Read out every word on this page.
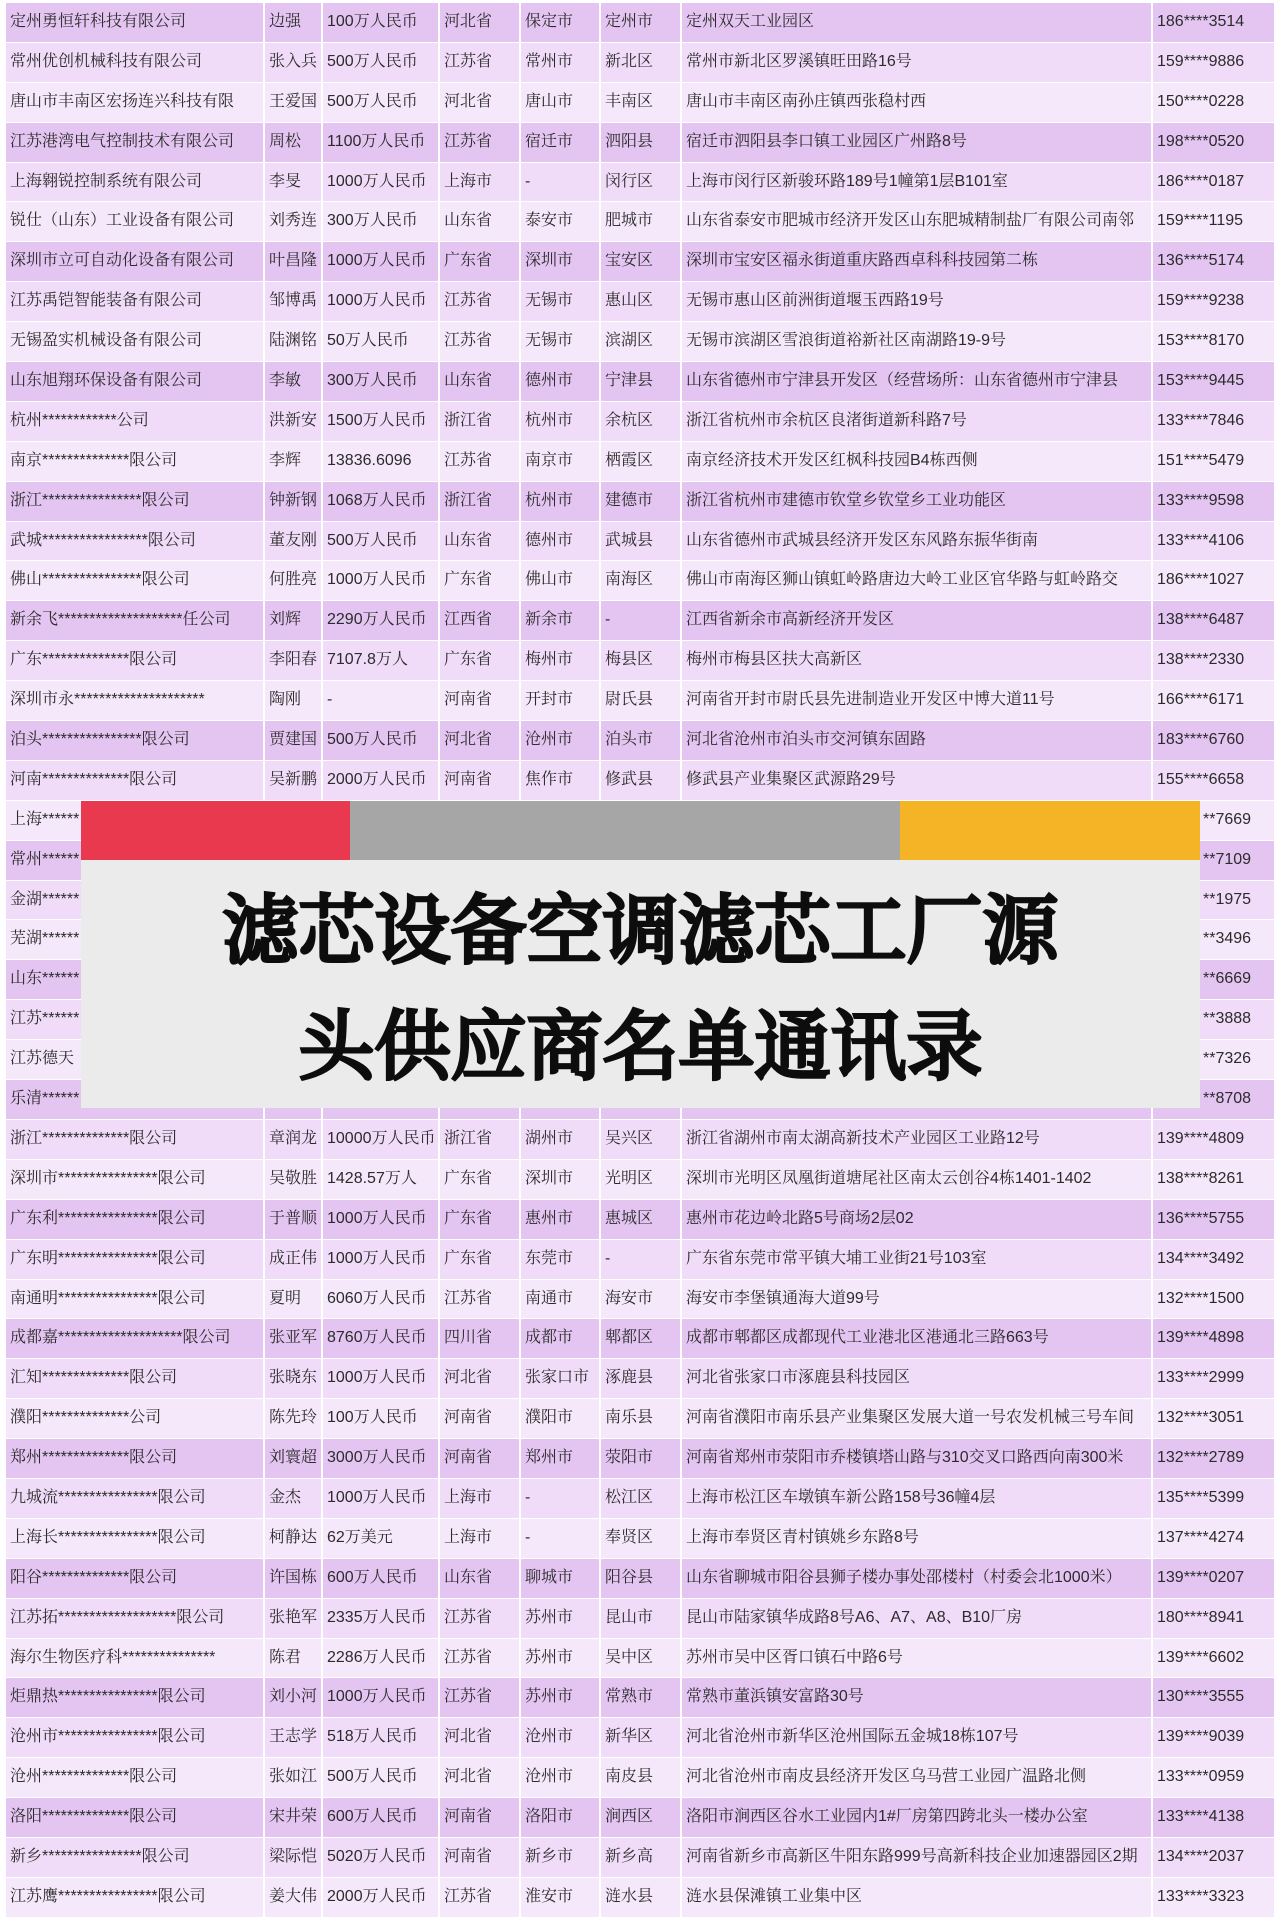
定州勇恒轩科技有限公司	边强	100万人民币	河北省	保定市	定州市	定州双天工业园区	186****3514
常州优创机械科技有限公司	张入兵 500万人民币	江苏省	常州市	新北区	常州市新北区罗溪镇旺田路16号	159****9886
唐山市丰南区宏扬连兴科技有限	王爱国 500万人民币	河北省	唐山市	丰南区	唐山市丰南区南孙庄镇西张稳村西	150****0228
江苏港湾电气控制技术有限公司	周松	1100万人民币	江苏省	宿迁市	泗阳县	宿迁市泗阳县李口镇工业园区广州路8号	198****0520
上海翱锐控制系统有限公司	李旻	1000万人民币	上海市	-	闵行区	上海市闵行区新骏环路189号1幢第1层B101室	186****0187
锐仕（山东）工业设备有限公司	刘秀连 300万人民币	山东省	泰安市	肥城市	山东省泰安市肥城市经济开发区山东肥城精制盐厂有限公司南邻	159****1195
深圳市立可自动化设备有限公司	叶昌隆 1000万人民币	广东省	深圳市	宝安区	深圳市宝安区福永街道重庆路西卓科科技园第二栋	136****5174
江苏禹铠智能装备有限公司	邹博禹 1000万人民币	江苏省	无锡市	惠山区	无锡市惠山区前洲街道堰玉西路19号	159****9238
无锡盈实机械设备有限公司	陆渊铭 50万人民币	江苏省	无锡市	滨湖区	无锡市滨湖区雪浪街道裕新社区南湖路19-9号	153****8170
山东旭翔环保设备有限公司	李敏	300万人民币	山东省	德州市	宁津县	山东省德州市宁津县开发区（经营场所：山东省德州市宁津县	153****9445
杭州************公司	洪新安 1500万人民币	浙江省	杭州市	余杭区	浙江省杭州市余杭区良渚街道新科路7号	133****7846
南京**************限公司	李辉	13836.6096	江苏省	南京市	栖霞区	南京经济技术开发区红枫科技园B4栋西侧	151****5479
浙江****************限公司	钟新钢 1068万人民币	浙江省	杭州市	建德市	浙江省杭州市建德市钦堂乡钦堂乡工业功能区	133****9598
武城*****************限公司	董友刚 500万人民币	山东省	德州市	武城县	山东省德州市武城县经济开发区东风路东振华街南	133****4106
佛山****************限公司	何胜亮 1000万人民币	广东省	佛山市	南海区	佛山市南海区狮山镇虹岭路唐边大岭工业区官华路与虹岭路交	186****1027
新余飞********************任公司	刘辉	2290万人民币	江西省	新余市	-	江西省新余市高新经济开发区	138****6487
广东**************限公司	李阳春 7107.8万人	广东省	梅州市	梅县区	梅州市梅县区扶大高新区	138****2330
深圳市永*********************	陶刚	-	河南省	开封市	尉氏县	河南省开封市尉氏县先进制造业开发区中博大道11号	166****6171
泊头****************限公司	贾建国 500万人民币	河北省	沧州市	泊头市	河北省沧州市泊头市交河镇东固路	183****6760
河南**************限公司	吴新鹏 2000万人民币	河南省	焦作市	修武县	修武县产业集聚区武源路29号	155****6658
上海******	**7669
常州******	**7109
金湖******	**1975
芜湖******	**3496
山东******	**6669
江苏******	**3888
江苏德天	**7326
乐清******	**8708
浙江**************限公司	章润龙 10000万人民币 浙江省	湖州市	吴兴区	浙江省湖州市南太湖高新技术产业园区工业路12号	139****4809
深圳市****************限公司	吴敬胜 1428.57万人	广东省	深圳市	光明区	深圳市光明区凤凰街道塘尾社区南太云创谷4栋1401-1402	138****8261
广东利****************限公司	于普顺 1000万人民币	广东省	惠州市	惠城区	惠州市花边岭北路5号商场2层02	136****5755
广东明****************限公司	成正伟 1000万人民币	广东省	东莞市	-	广东省东莞市常平镇大埔工业街21号103室	134****3492
南通明****************限公司	夏明	6060万人民币	江苏省	南通市	海安市	海安市李堡镇通海大道99号	132****1500
成都嘉********************限公司	张亚军 8760万人民币	四川省	成都市	郫都区	成都市郫都区成都现代工业港北区港通北三路663号	139****4898
汇知**************限公司	张晓东 1000万人民币	河北省	张家口市 涿鹿县	河北省张家口市涿鹿县科技园区	133****2999
濮阳**************公司	陈先玲 100万人民币	河南省	濮阳市	南乐县	河南省濮阳市南乐县产业集聚区发展大道一号农发机械三号车间	132****3051
郑州**************限公司	刘寰超 3000万人民币	河南省	郑州市	荥阳市	河南省郑州市荥阳市乔楼镇塔山路与310交叉口路西向南300米	132****2789
九城流****************限公司	金杰	1000万人民币	上海市	-	松江区	上海市松江区车墩镇车新公路158号36幢4层	135****5399
上海长****************限公司	柯静达 62万美元	上海市	-	奉贤区	上海市奉贤区青村镇姚乡东路8号	137****4274
阳谷**************限公司	许国栋 600万人民币	山东省	聊城市	阳谷县	山东省聊城市阳谷县狮子楼办事处邵楼村（村委会北1000米）	139****0207
江苏拓*******************限公司	张艳军 2335万人民币	江苏省	苏州市	昆山市	昆山市陆家镇华成路8号A6、A7、A8、B10厂房	180****8941
海尔生物医疗科***************	陈君	2286万人民币	江苏省	苏州市	吴中区	苏州市吴中区胥口镇石中路6号	139****6602
炬鼎热****************限公司	刘小河 1000万人民币	江苏省	苏州市	常熟市	常熟市董浜镇安富路30号	130****3555
沧州市****************限公司	王志学 518万人民币	河北省	沧州市	新华区	河北省沧州市新华区沧州国际五金城18栋107号	139****9039
沧州**************限公司	张如江 500万人民币	河北省	沧州市	南皮县	河北省沧州市南皮县经济开发区乌马营工业园广温路北侧	133****0959
洛阳**************限公司	宋井荣 600万人民币	河南省	洛阳市	涧西区	洛阳市涧西区谷水工业园内1#厂房第四跨北头一楼办公室	133****4138
新乡****************限公司	梁际恺 5020万人民币	河南省	新乡市	新乡高	河南省新乡市高新区牛阳东路999号高新科技企业加速器园区2期	134****2037
江苏鹰****************限公司	姜大伟 2000万人民币	江苏省	淮安市	涟水县	涟水县保滩镇工业集中区	133****3323
滤芯设备空调滤芯工厂源
头供应商名单通讯录
